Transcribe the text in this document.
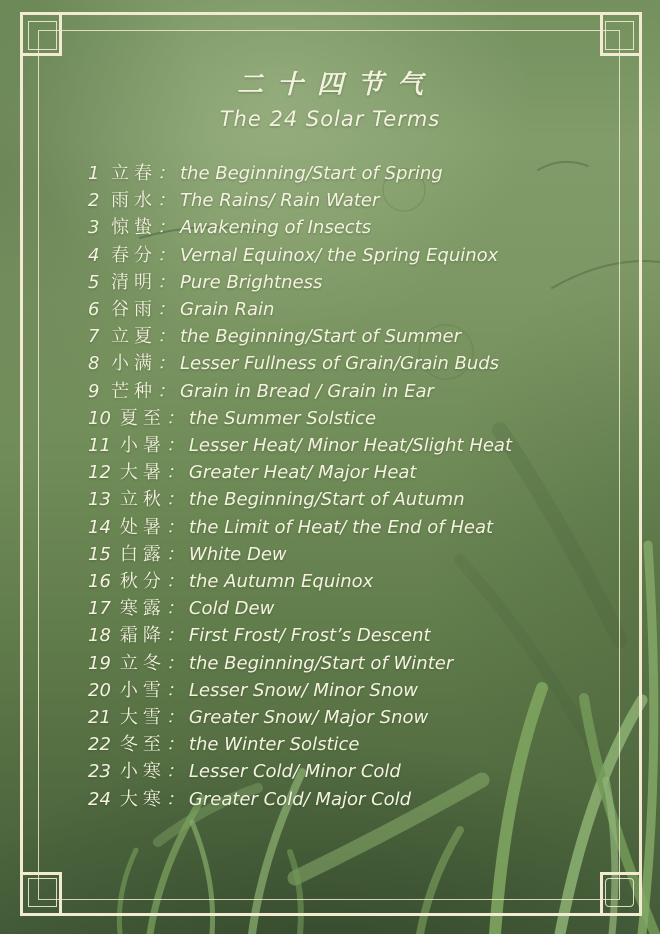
二十四节气
The 24 Solar Terms
1 立春： the Beginning/Start of Spring
2 雨水： The Rains/ Rain Water
3 惊蛰： Awakening of Insects
4 春分： Vernal Equinox/ the Spring Equinox
5 清明： Pure Brightness
6 谷雨： Grain Rain
7 立夏： the Beginning/Start of Summer
8 小满： Lesser Fullness of Grain/Grain Buds
9 芒种： Grain in Bread / Grain in Ear
10 夏至： the Summer Solstice
11 小暑： Lesser Heat/ Minor Heat/Slight Heat
12 大暑： Greater Heat/ Major Heat
13 立秋： the Beginning/Start of Autumn
14 处暑： the Limit of Heat/ the End of Heat
15 白露： White Dew
16 秋分： the Autumn Equinox
17 寒露： Cold Dew
18 霜降： First Frost/ Frost’s Descent
19 立冬： the Beginning/Start of Winter
20 小雪： Lesser Snow/ Minor Snow
21 大雪： Greater Snow/ Major Snow
22 冬至： the Winter Solstice
23 小寒： Lesser Cold/ Minor Cold
24 大寒： Greater Cold/ Major Cold
